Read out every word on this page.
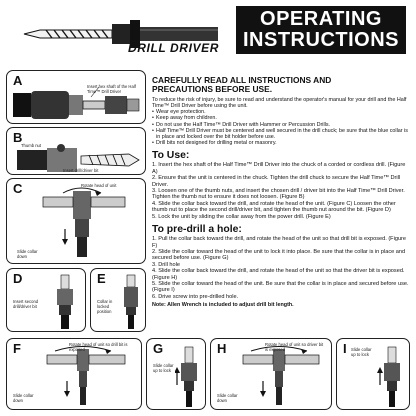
DRILL DRIVER
OPERATING
INSTRUCTIONS
A	Insert hex shaft of the Half Time™ Drill Driver
B
Thumb nut
Insert drill/driver bit
C	Rotate head of unit
Slide collar down
D
Insert second drill/driver bit
E
Collar in locked position
F	Rotate head of unit so drill bit is exposed
Slide collar down
G
Slide collar up to lock
H	Rotate head of unit so driver bit is exposed
Slide collar down
I Slide collar up to lock
CAREFULLY READ ALL INSTRUCTIONS AND
PRECAUTIONS BEFORE USE.
To reduce the risk of injury, be sure to read and understand the operator's manual for your drill and the Half Time™ Drill Driver before using the unit.
• Wear eye protection.
• Keep away from children.
• Do not use the Half Time™ Drill Driver with Hammer or Percussion Drills.
• Half Time™ Drill Driver must be centered and well secured in the drill chuck; be sure that the blue collar is in place and locked over the bit holder before use.
• Drill bits not designed for drilling metal or masonry.
To Use:
1. Insert the hex shaft of the Half Time™ Drill Driver into the chuck of a corded or cordless drill. (Figure A)
2. Ensure that the unit is centered in the chuck. Tighten the drill chuck to secure the Half Time™ Drill Driver.
3. Loosen one of the thumb nuts, and insert the chosen drill / driver bit into the Half Time™ Drill Driver. Tighten the thumb nut to ensure it does not loosen. (Figure B)
4. Slide the collar back toward the drill, and rotate the head of the unit. (Figure C) Loosen the other thumb nut to place the second drill/driver bit, and tighten the thumb nut around the bit. (Figure D)
5. Lock the unit by sliding the collar away from the power drill. (Figure E)
To pre-drill a hole:
1. Pull the collar back toward the drill, and rotate the head of the unit so that drill bit is exposed. (Figure F)
2. Slide the collar toward the head of the unit to lock it into place. Be sure that the collar is in place and secured before use. (Figure G)
3. Drill hole
4. Slide the collar back toward the drill, and rotate the head of the unit so that the driver bit is exposed. (Figure H)
5. Slide the collar toward the head of the unit. Be sure that the collar is in place and secured before use. (Figure I)
6. Drive screw into pre-drilled hole.
Note: Allen Wrench is included to adjust drill bit length.
